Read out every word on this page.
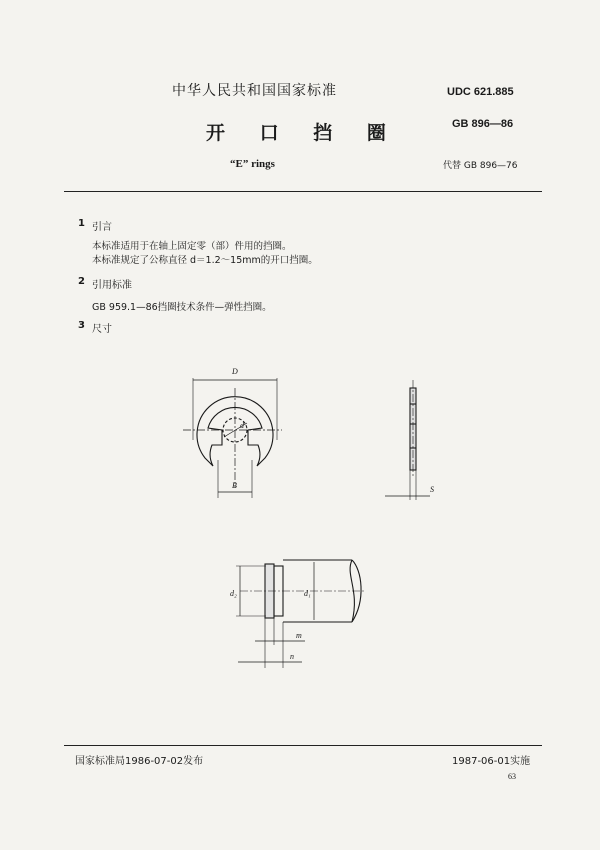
中华人民共和国国家标准	UDC 621.885
开 口 挡 圈	GB 896—86
“E” rings	代替 GB 896—76
1 引言
本标准适用于在轴上固定零（部）件用的挡圈。
本标准规定了公称直径 d＝1.2～15mm的开口挡圈。
2 引用标准
GB 959.1—86挡圈技术条件—弹性挡圈。
3 尺寸
D
d
B	S
d₂	d₁
m
n
国家标准局1986-07-02发布	1987-06-01实施
63
